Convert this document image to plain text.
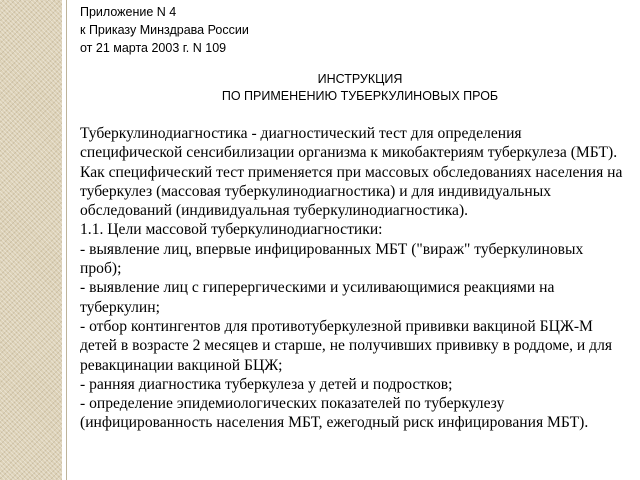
Приложение N 4
к Приказу Минздрава России
от 21 марта 2003 г. N 109
ИНСТРУКЦИЯ
ПО ПРИМЕНЕНИЮ ТУБЕРКУЛИНОВЫХ ПРОБ
Туберкулинодиагностика - диагностический тест для определения
специфической сенсибилизации организма к микобактериям туберкулеза (МБТ).
Как специфический тест применяется при массовых обследованиях населения на
туберкулез (массовая туберкулинодиагностика) и для индивидуальных
обследований (индивидуальная туберкулинодиагностика).
1.1. Цели массовой туберкулинодиагностики:
- выявление лиц, впервые инфицированных МБТ ("вираж" туберкулиновых
проб);
- выявление лиц с гиперергическими и усиливающимися реакциями на
туберкулин;
- отбор контингентов для противотуберкулезной прививки вакциной БЦЖ-М
детей в возрасте 2 месяцев и старше, не получивших прививку в роддоме, и для
ревакцинации вакциной БЦЖ;
- ранняя диагностика туберкулеза у детей и подростков;
- определение эпидемиологических показателей по туберкулезу
(инфицированность населения МБТ, ежегодный риск инфицирования МБТ).
